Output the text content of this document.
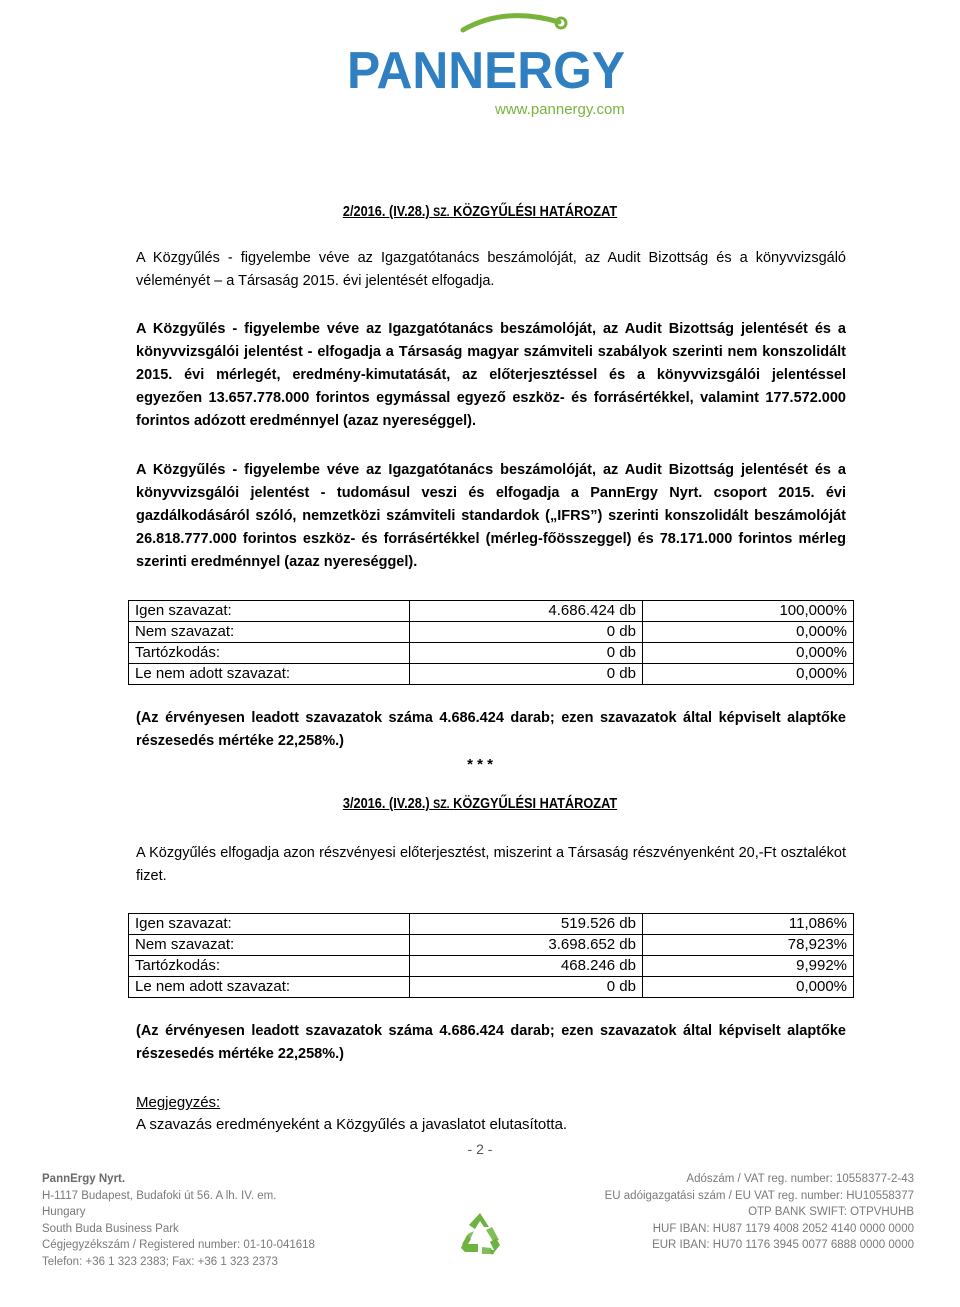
PANNERGY
www.pannergy.com
2/2016. (IV.28.) SZ. KÖZGYŰLÉSI HATÁROZAT
A Közgyűlés - figyelembe véve az Igazgatótanács beszámolóját, az Audit Bizottság és a könyvvizsgáló véleményét – a Társaság 2015. évi jelentését elfogadja.
A Közgyűlés - figyelembe véve az Igazgatótanács beszámolóját, az Audit Bizottság jelentését és a könyvvizsgálói jelentést - elfogadja a Társaság magyar számviteli szabályok szerinti nem konszolidált 2015. évi mérlegét, eredmény-kimutatását, az előterjesztéssel és a könyvvizsgálói jelentéssel egyezően 13.657.778.000 forintos egymással egyező eszköz- és forrásértékkel, valamint 177.572.000 forintos adózott eredménnyel (azaz nyereséggel).
A Közgyűlés - figyelembe véve az Igazgatótanács beszámolóját, az Audit Bizottság jelentését és a könyvvizsgálói jelentést - tudomásul veszi és elfogadja a PannErgy Nyrt. csoport 2015. évi gazdálkodásáról szóló, nemzetközi számviteli standardok („IFRS”) szerinti konszolidált beszámolóját 26.818.777.000 forintos eszköz- és forrásértékkel (mérleg-főösszeggel) és 78.171.000 forintos mérleg szerinti eredménnyel (azaz nyereséggel).
Igen szavazat:	4.686.424 db	100,000%
Nem szavazat:	0 db	0,000%
Tartózkodás:	0 db	0,000%
Le nem adott szavazat:	0 db	0,000%
(Az érvényesen leadott szavazatok száma 4.686.424 darab; ezen szavazatok által képviselt alaptőke részesedés mértéke 22,258%.)
* * *
3/2016. (IV.28.) SZ. KÖZGYŰLÉSI HATÁROZAT
A Közgyűlés elfogadja azon részvényesi előterjesztést, miszerint a Társaság részvényenként 20,-Ft osztalékot fizet.
Igen szavazat:	519.526 db	11,086%
Nem szavazat:	3.698.652 db	78,923%
Tartózkodás:	468.246 db	9,992%
Le nem adott szavazat:	0 db	0,000%
(Az érvényesen leadott szavazatok száma 4.686.424 darab; ezen szavazatok által képviselt alaptőke részesedés mértéke 22,258%.)
Megjegyzés:
A szavazás eredményeként a Közgyűlés a javaslatot elutasította.
- 2 -
PannErgy Nyrt.
H-1117 Budapest, Budafoki út 56. A lh. IV. em.
Hungary
South Buda Business Park
Cégjegyzékszám / Registered number: 01-10-041618
Telefon: +36 1 323 2383; Fax: +36 1 323 2373
Adószám / VAT reg. number: 10558377-2-43
EU adóigazgatási szám / EU VAT reg. number: HU10558377
OTP BANK SWIFT: OTPVHUHB
HUF IBAN: HU87 1179 4008 2052 4140 0000 0000
EUR IBAN: HU70 1176 3945 0077 6888 0000 0000
